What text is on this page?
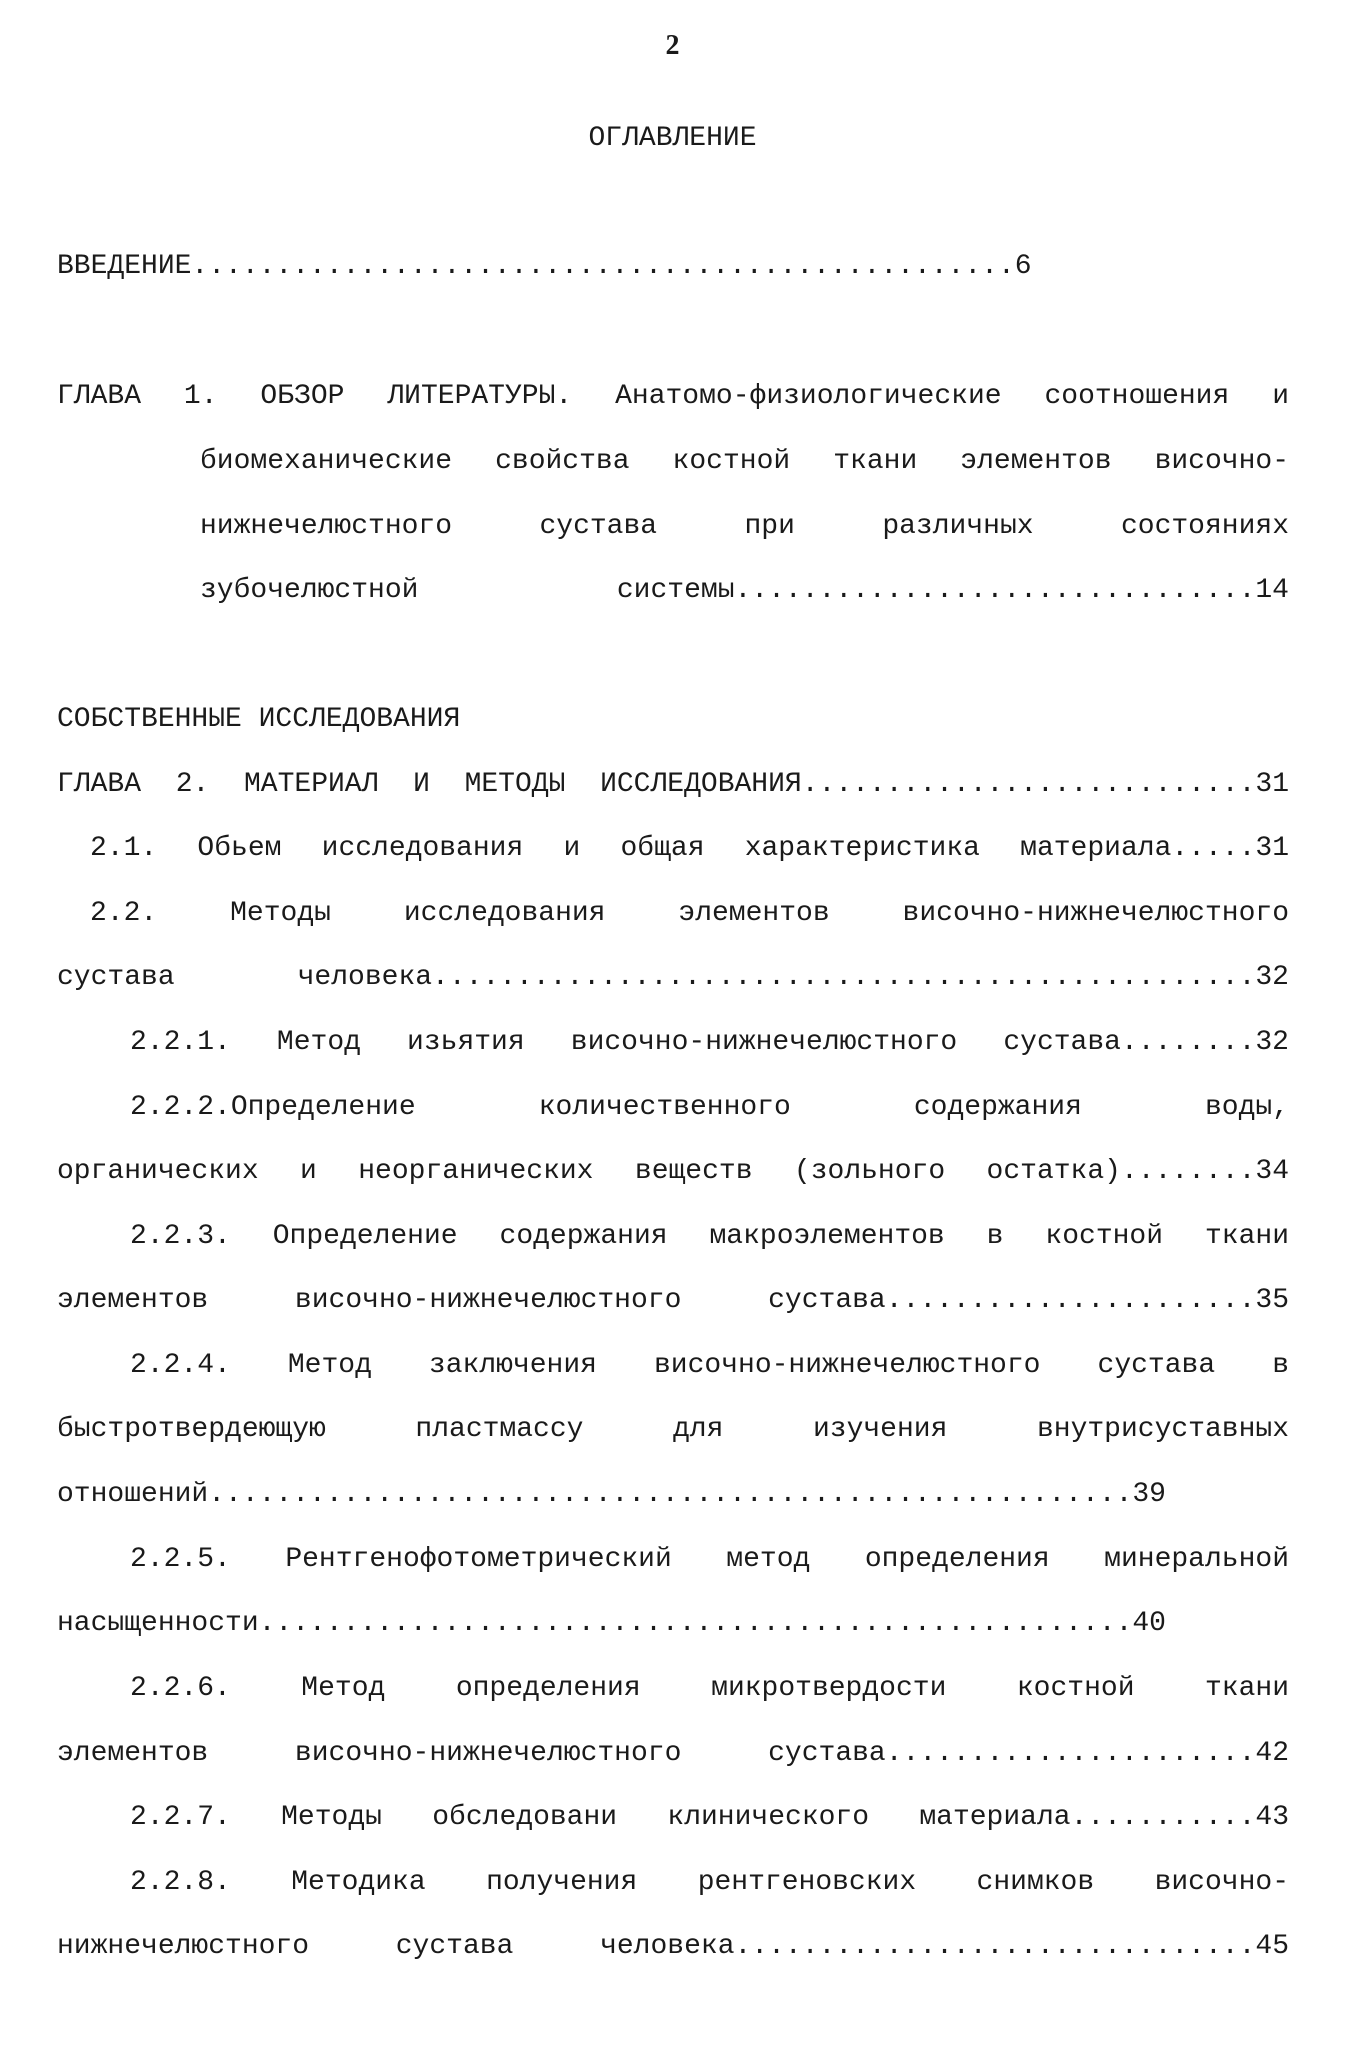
2
ОГЛАВЛЕНИЕ
ВВЕДЕНИЕ.................................................6
ГЛАВА 1. ОБЗОР ЛИТЕРАТУРЫ. Анатомо-физиологические соотношения и
биомеханические свойства костной ткани элементов височно-
нижнечелюстного сустава при различных состояниях
зубочелюстной системы...............................14
СОБСТВЕННЫЕ ИССЛЕДОВАНИЯ
ГЛАВА 2. МАТЕРИАЛ И МЕТОДЫ ИССЛЕДОВАНИЯ...........................31
2.1. Обьем исследования и общая характеристика материала.....31
2.2. Методы исследования элементов височно-нижнечелюстного
сустава человека.................................................32
2.2.1. Метод изьятия височно-нижнечелюстного сустава........32
2.2.2.Определение количественного содержания воды,
органических и неорганических веществ (зольного остатка)........34
2.2.3. Определение содержания макроэлементов в костной ткани
элементов височно-нижнечелюстного сустава......................35
2.2.4. Метод заключения височно-нижнечелюстного сустава в
быстротвердеющую пластмассу для изучения внутрисуставных
отношений.......................................................39
2.2.5. Рентгенофотометрический метод определения минеральной
насыщенности....................................................40
2.2.6. Метод определения микротвердости костной ткани
элементов височно-нижнечелюстного сустава......................42
2.2.7. Методы обследовани клинического материала...........43
2.2.8. Методика получения рентгеновских снимков височно-
нижнечелюстного сустава человека...............................45
